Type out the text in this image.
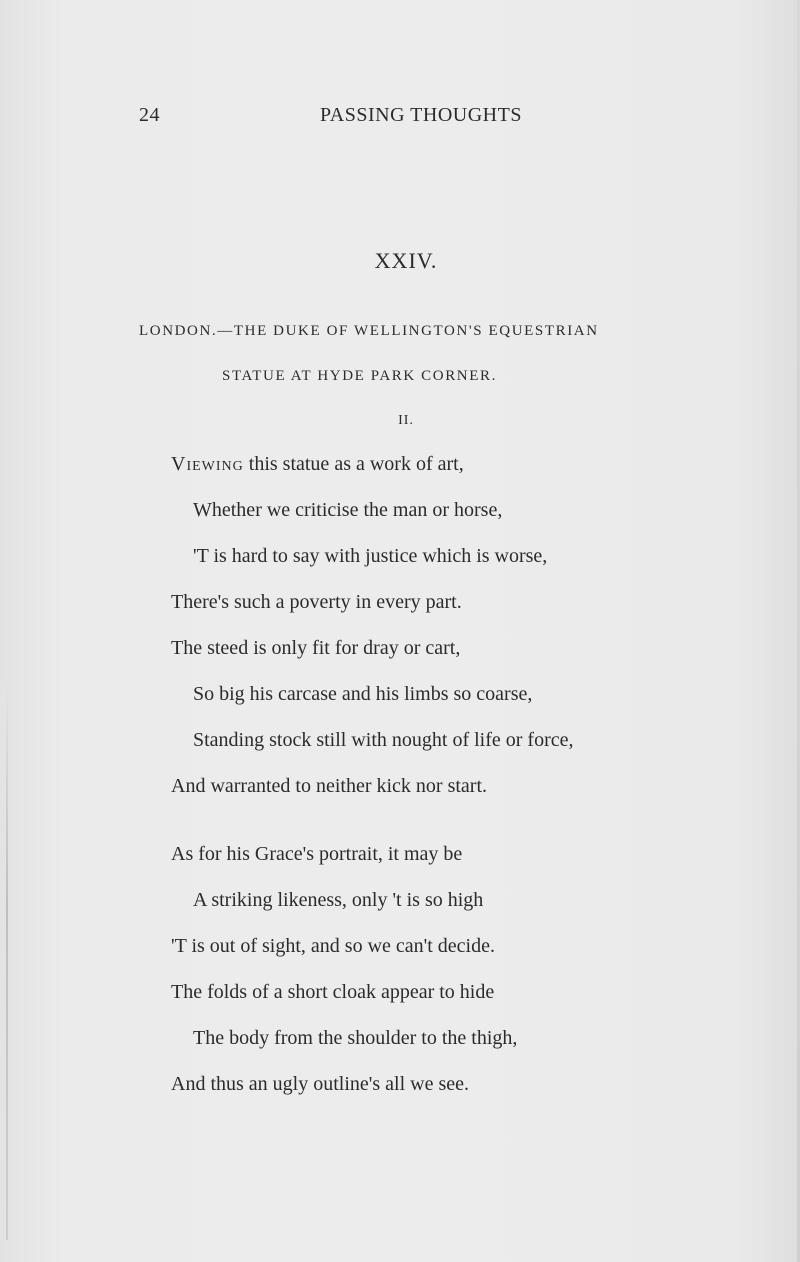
24	PASSING THOUGHTS
XXIV.
LONDON.—THE DUKE OF WELLINGTON'S EQUESTRIAN
STATUE AT HYDE PARK CORNER.
II.
Viewing this statue as a work of art,
Whether we criticise the man or horse,
'T is hard to say with justice which is worse,
There's such a poverty in every part.
The steed is only fit for dray or cart,
So big his carcase and his limbs so coarse,
Standing stock still with nought of life or force,
And warranted to neither kick nor start.
As for his Grace's portrait, it may be
A striking likeness, only 't is so high
'T is out of sight, and so we can't decide.
The folds of a short cloak appear to hide
The body from the shoulder to the thigh,
And thus an ugly outline's all we see.
